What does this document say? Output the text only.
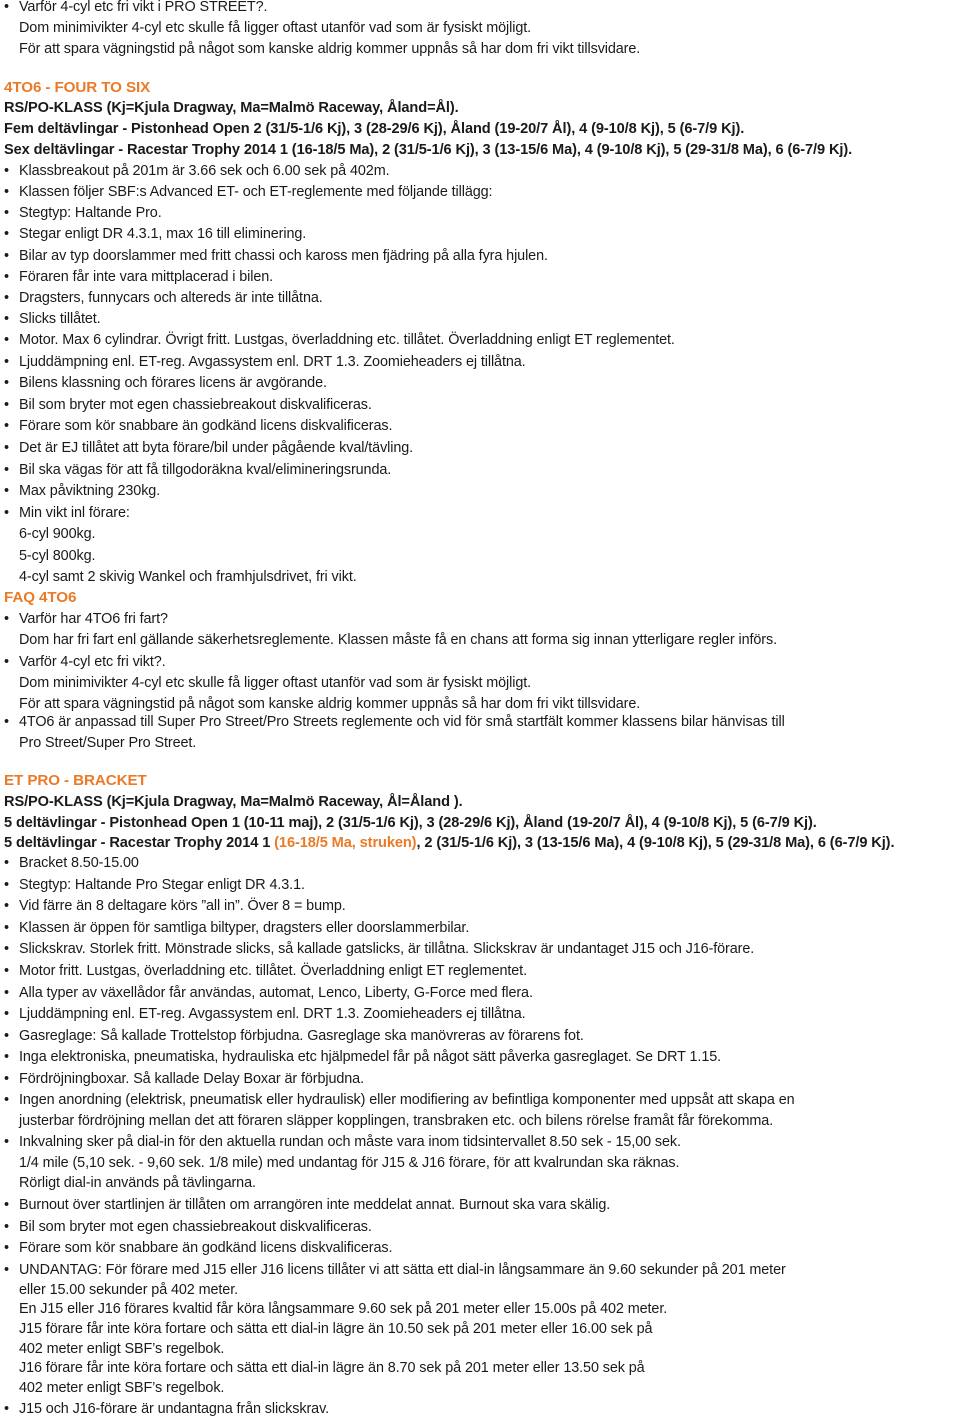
• Varför 4-cyl etc fri vikt i PRO STREET?.
Dom minimivikter 4-cyl etc skulle få ligger oftast utanför vad som är fysiskt möjligt.
För att spara vägningstid på något som kanske aldrig kommer uppnås så har dom fri vikt tillsvidare.
4TO6 - FOUR TO SIX
RS/PO-KLASS (Kj=Kjula Dragway, Ma=Malmö Raceway, Åland=Ål).
Fem deltävlingar - Pistonhead Open 2 (31/5-1/6 Kj), 3 (28-29/6 Kj), Åland (19-20/7 Ål), 4 (9-10/8 Kj), 5 (6-7/9 Kj).
Sex deltävlingar - Racestar Trophy 2014 1 (16-18/5 Ma), 2 (31/5-1/6 Kj), 3 (13-15/6 Ma), 4 (9-10/8 Kj), 5 (29-31/8 Ma), 6 (6-7/9 Kj).
• Klassbreakout på 201m är 3.66 sek och 6.00 sek på 402m.
• Klassen följer SBF:s Advanced ET- och ET-reglemente med följande tillägg:
• Stegtyp: Haltande Pro.
• Stegar enligt DR 4.3.1, max 16 till eliminering.
• Bilar av typ doorslammer med fritt chassi och kaross men fjädring på alla fyra hjulen.
• Föraren får inte vara mittplacerad i bilen.
• Dragsters, funnycars och altereds är inte tillåtna.
• Slicks tillåtet.
• Motor. Max 6 cylindrar. Övrigt fritt. Lustgas, överladdning etc. tillåtet. Överladdning enligt ET reglementet.
• Ljuddämpning enl. ET-reg. Avgassystem enl. DRT 1.3. Zoomieheaders ej tillåtna.
• Bilens klassning och förares licens är avgörande.
• Bil som bryter mot egen chassiebreakout diskvalificeras.
• Förare som kör snabbare än godkänd licens diskvalificeras.
• Det är EJ tillåtet att byta förare/bil under pågående kval/tävling.
• Bil ska vägas för att få tillgodoräkna kval/elimineringsrunda.
• Max påviktning 230kg.
• Min vikt inl förare:
6-cyl 900kg.
5-cyl 800kg.
4-cyl samt 2 skivig Wankel och framhjulsdrivet, fri vikt.
FAQ 4TO6
• Varför har 4TO6 fri fart?
Dom har fri fart enl gällande säkerhetsreglemente. Klassen måste få en chans att forma sig innan ytterligare regler införs.
• Varför 4-cyl etc fri vikt?.
Dom minimivikter 4-cyl etc skulle få ligger oftast utanför vad som är fysiskt möjligt.
För att spara vägningstid på något som kanske aldrig kommer uppnås så har dom fri vikt tillsvidare.
• 4TO6 är anpassad till Super Pro Street/Pro Streets reglemente och vid för små startfält kommer klassens bilar hänvisas till
Pro Street/Super Pro Street.
ET PRO - BRACKET
RS/PO-KLASS (Kj=Kjula Dragway, Ma=Malmö Raceway, Ål=Åland ).
5 deltävlingar - Pistonhead Open 1 (10-11 maj), 2 (31/5-1/6 Kj), 3 (28-29/6 Kj), Åland (19-20/7 Ål), 4 (9-10/8 Kj), 5 (6-7/9 Kj).
5 deltävlingar - Racestar Trophy 2014 1 (16-18/5 Ma, struken), 2 (31/5-1/6 Kj), 3 (13-15/6 Ma), 4 (9-10/8 Kj), 5 (29-31/8 Ma), 6 (6-7/9 Kj).
• Bracket 8.50-15.00
• Stegtyp: Haltande Pro Stegar enligt DR 4.3.1.
• Vid färre än 8 deltagare körs ”all in”. Över 8 = bump.
• Klassen är öppen för samtliga biltyper, dragsters eller doorslammerbilar.
• Slickskrav. Storlek fritt. Mönstrade slicks, så kallade gatslicks, är tillåtna. Slickskrav är undantaget J15 och J16-förare.
• Motor fritt. Lustgas, överladdning etc. tillåtet. Överladdning enligt ET reglementet.
• Alla typer av växellådor får användas, automat, Lenco, Liberty, G-Force med flera.
• Ljuddämpning enl. ET-reg. Avgassystem enl. DRT 1.3. Zoomieheaders ej tillåtna.
• Gasreglage: Så kallade Trottelstop förbjudna. Gasreglage ska manövreras av förarens fot.
• Inga elektroniska, pneumatiska, hydrauliska etc hjälpmedel får på något sätt påverka gasreglaget. Se DRT 1.15.
• Fördröjningboxar. Så kallade Delay Boxar är förbjudna.
• Ingen anordning (elektrisk, pneumatisk eller hydraulisk) eller modifiering av befintliga komponenter med uppsåt att skapa en
justerbar fördröjning mellan det att föraren släpper kopplingen, transbraken etc. och bilens rörelse framåt får förekomma.
• Inkvalning sker på dial-in för den aktuella rundan och måste vara inom tidsintervallet 8.50 sek - 15,00 sek.
1/4 mile (5,10 sek. - 9,60 sek. 1/8 mile) med undantag för J15 & J16 förare, för att kvalrundan ska räknas.
Rörligt dial-in används på tävlingarna.
• Burnout över startlinjen är tillåten om arrangören inte meddelat annat. Burnout ska vara skälig.
• Bil som bryter mot egen chassiebreakout diskvalificeras.
• Förare som kör snabbare än godkänd licens diskvalificeras.
• UNDANTAG: För förare med J15 eller J16 licens tillåter vi att sätta ett dial-in långsammare än 9.60 sekunder på 201 meter
eller 15.00 sekunder på 402 meter.
En J15 eller J16 förares kvaltid får köra långsammare 9.60 sek på 201 meter eller 15.00s på 402 meter.
J15 förare får inte köra fortare och sätta ett dial-in lägre än 10.50 sek på 201 meter eller 16.00 sek på
402 meter enligt SBF’s regelbok.
J16 förare får inte köra fortare och sätta ett dial-in lägre än 8.70 sek på 201 meter eller 13.50 sek på
402 meter enligt SBF’s regelbok.
• J15 och J16-förare är undantagna från slickskrav.
